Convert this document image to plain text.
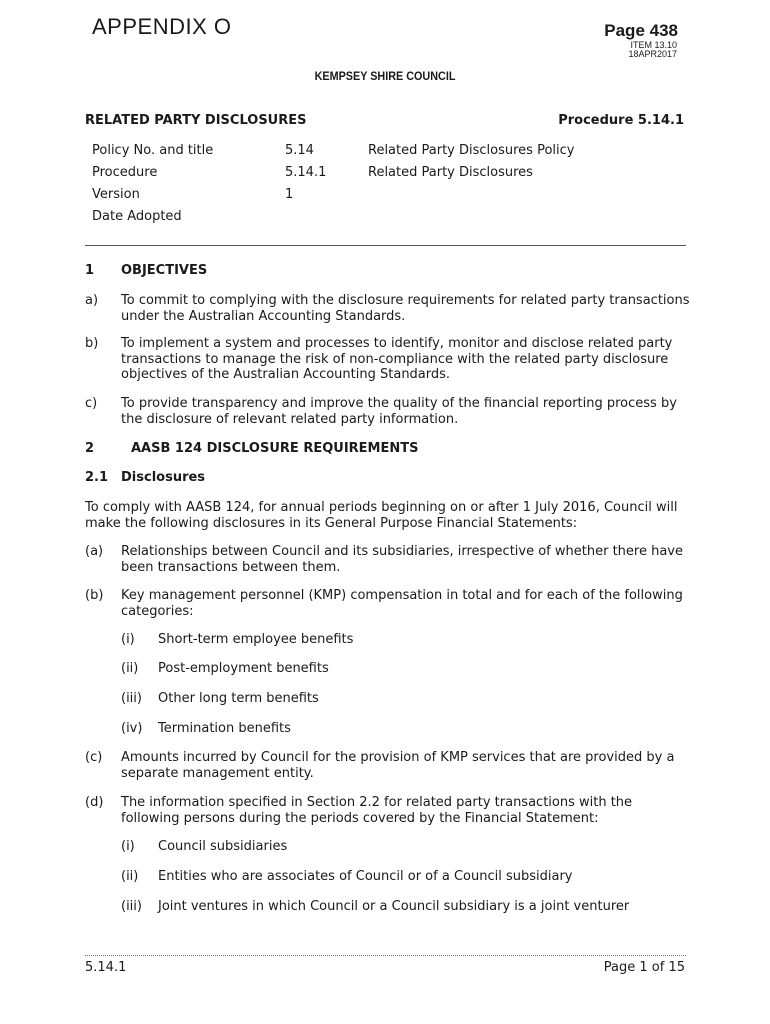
APPENDIX O	Page 438
ITEM 13.10
18APR2017
KEMPSEY SHIRE COUNCIL
RELATED PARTY DISCLOSURES	Procedure 5.14.1
Policy No. and title	5.14	Related Party Disclosures Policy
Procedure	5.14.1	Related Party Disclosures
Version	1
Date Adopted
1 OBJECTIVES
a) To commit to complying with the disclosure requirements for related party transactions under the Australian Accounting Standards.
b) To implement a system and processes to identify, monitor and disclose related party transactions to manage the risk of non-compliance with the related party disclosure objectives of the Australian Accounting Standards.
c) To provide transparency and improve the quality of the financial reporting process by the disclosure of relevant related party information.
2	AASB 124 DISCLOSURE REQUIREMENTS
2.1 Disclosures
To comply with AASB 124, for annual periods beginning on or after 1 July 2016, Council will make the following disclosures in its General Purpose Financial Statements:
(a) Relationships between Council and its subsidiaries, irrespective of whether there have been transactions between them.
(b) Key management personnel (KMP) compensation in total and for each of the following categories:
(i) Short-term employee benefits
(ii) Post-employment benefits
(iii) Other long term benefits
(iv) Termination benefits
(c) Amounts incurred by Council for the provision of KMP services that are provided by a separate management entity.
(d) The information specified in Section 2.2 for related party transactions with the following persons during the periods covered by the Financial Statement:
(i) Council subsidiaries
(ii) Entities who are associates of Council or of a Council subsidiary
(iii) Joint ventures in which Council or a Council subsidiary is a joint venturer
5.14.1	Page 1 of 15
